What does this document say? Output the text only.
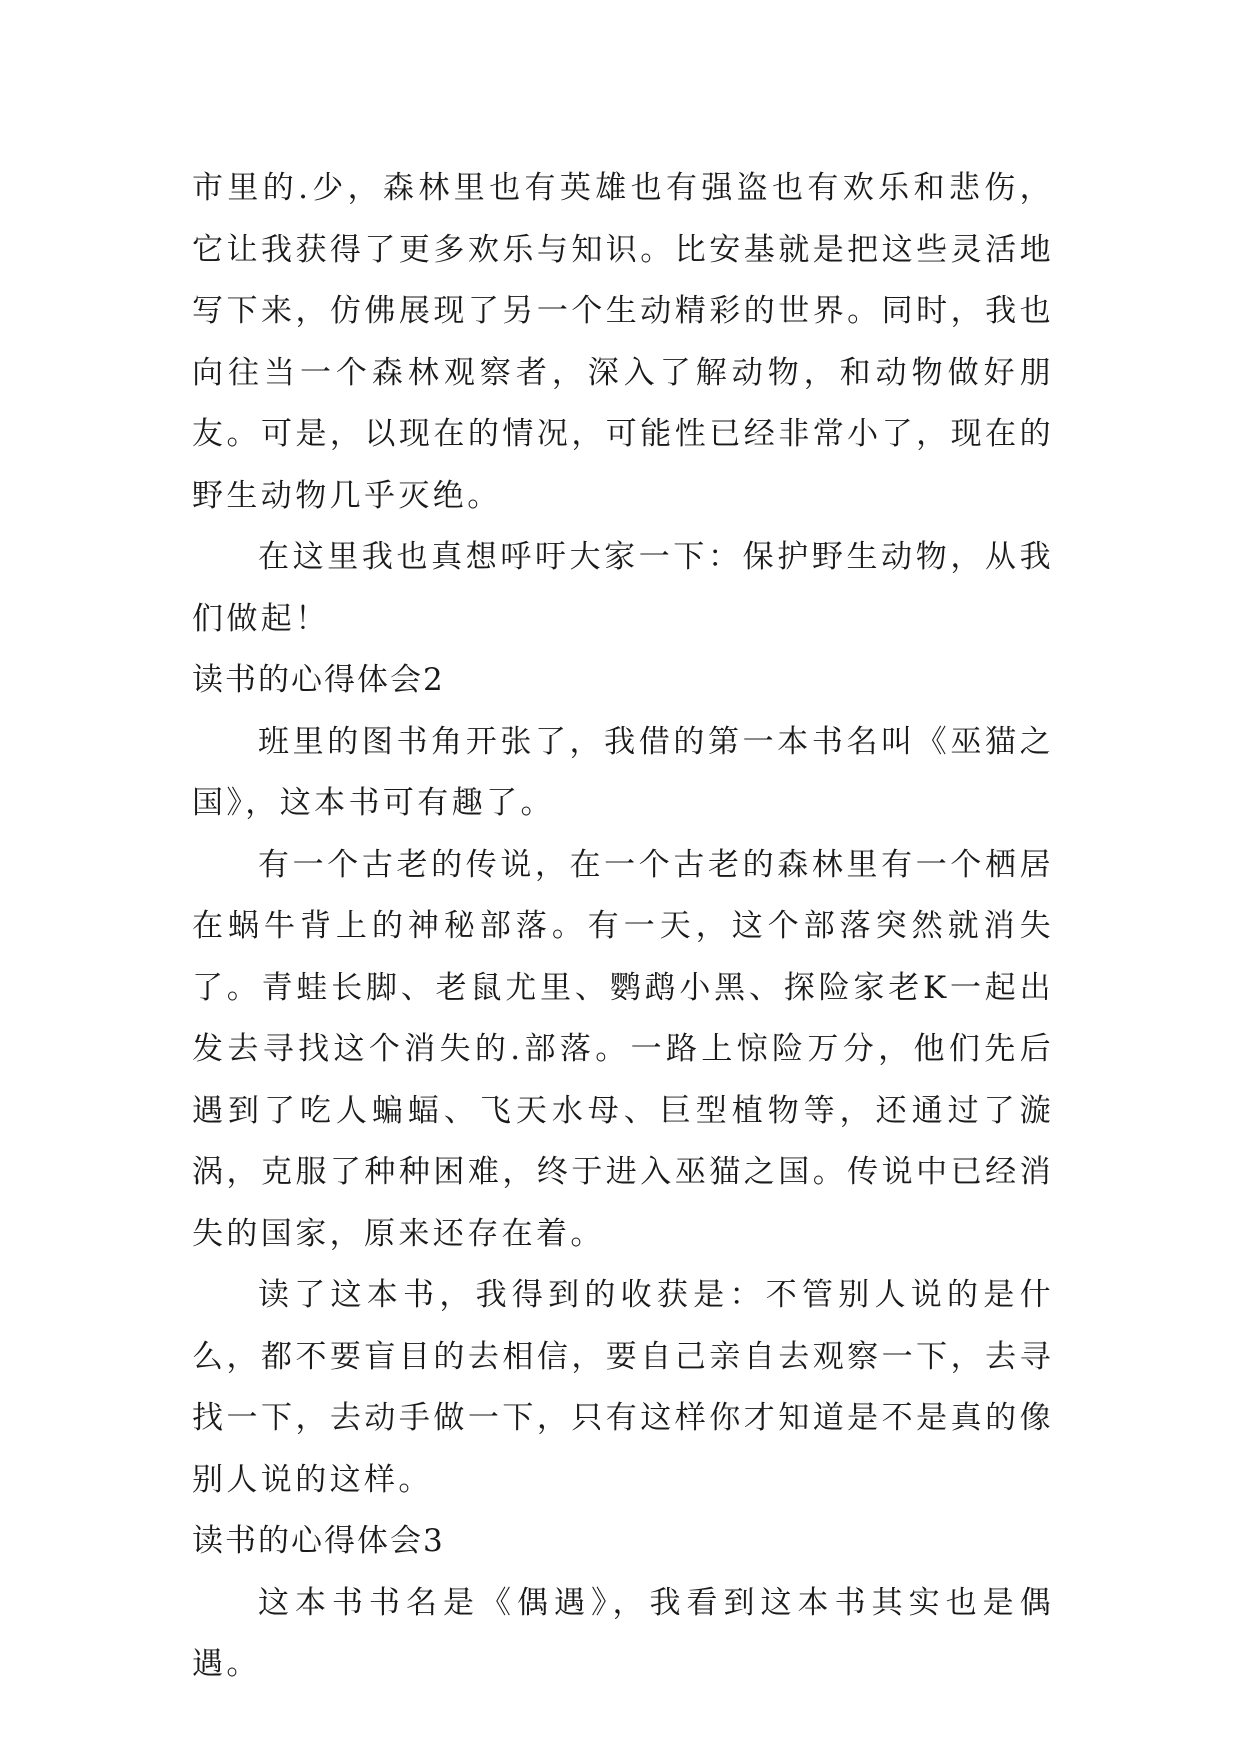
市里的.少，森林里也有英雄也有强盗也有欢乐和悲伤，它让我获得了更多欢乐与知识。比安基就是把这些灵活地写下来，仿佛展现了另一个生动精彩的世界。同时，我也向往当一个森林观察者，深入了解动物，和动物做好朋友。可是，以现在的情况，可能性已经非常小了，现在的野生动物几乎灭绝。

在这里我也真想呼吁大家一下：保护野生动物，从我们做起！

读书的心得体会2

班里的图书角开张了，我借的第一本书名叫《巫猫之国》，这本书可有趣了。

有一个古老的传说，在一个古老的森林里有一个栖居在蜗牛背上的神秘部落。有一天，这个部落突然就消失了。青蛙长脚、老鼠尤里、鹦鹉小黑、探险家老K一起出发去寻找这个消失的.部落。一路上惊险万分，他们先后遇到了吃人蝙蝠、飞天水母、巨型植物等，还通过了漩涡，克服了种种困难，终于进入巫猫之国。传说中已经消失的国家，原来还存在着。

读了这本书，我得到的收获是：不管别人说的是什么，都不要盲目的去相信，要自己亲自去观察一下，去寻找一下，去动手做一下，只有这样你才知道是不是真的像别人说的这样。

读书的心得体会3

这本书书名是《偶遇》，我看到这本书其实也是偶遇。
